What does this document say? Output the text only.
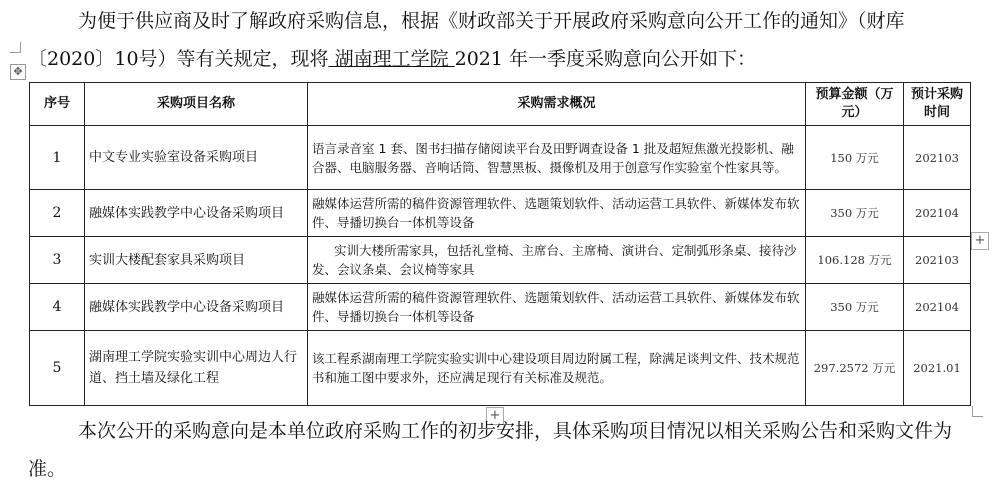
为便于供应商及时了解政府采购信息，根据《财政部关于开展政府采购意向公开工作的通知》（财库〔2020〕10号）等有关规定，现将 湖南理工学院 2021 年一季度采购意向公开如下：

✥
序号	采购项目名称	采购需求概况	预算金额（万元）	预计采购时间
1	中文专业实验室设备采购项目	语言录音室 1 套、图书扫描存储阅读平台及田野调查设备 1 批及超短焦激光投影机、融合器、电脑服务器、音响话筒、智慧黑板、摄像机及用于创意写作实验室个性家具等。	150 万元	202103
2	融媒体实践教学中心设备采购项目	融媒体运营所需的稿件资源管理软件、选题策划软件、活动运营工具软件、新媒体发布软件、导播切换台一体机等设备	350 万元	202104
3	实训大楼配套家具采购项目	实训大楼所需家具，包括礼堂椅、主席台、主席椅、演讲台、定制弧形条桌、接待沙发、会议条桌、会议椅等家具	106.128 万元	202103
4	融媒体实践教学中心设备采购项目	融媒体运营所需的稿件资源管理软件、选题策划软件、活动运营工具软件、新媒体发布软件、导播切换台一体机等设备	350 万元	202104
5	湖南理工学院实验实训中心周边人行道、挡土墙及绿化工程	该工程系湖南理工学院实验实训中心建设项目周边附属工程，除满足谈判文件、技术规范书和施工图中要求外，还应满足现行有关标准及规范。	297.2572 万元	2021.01
+
+

本次公开的采购意向是本单位政府采购工作的初步安排，具体采购项目情况以相关采购公告和采购文件为准。
